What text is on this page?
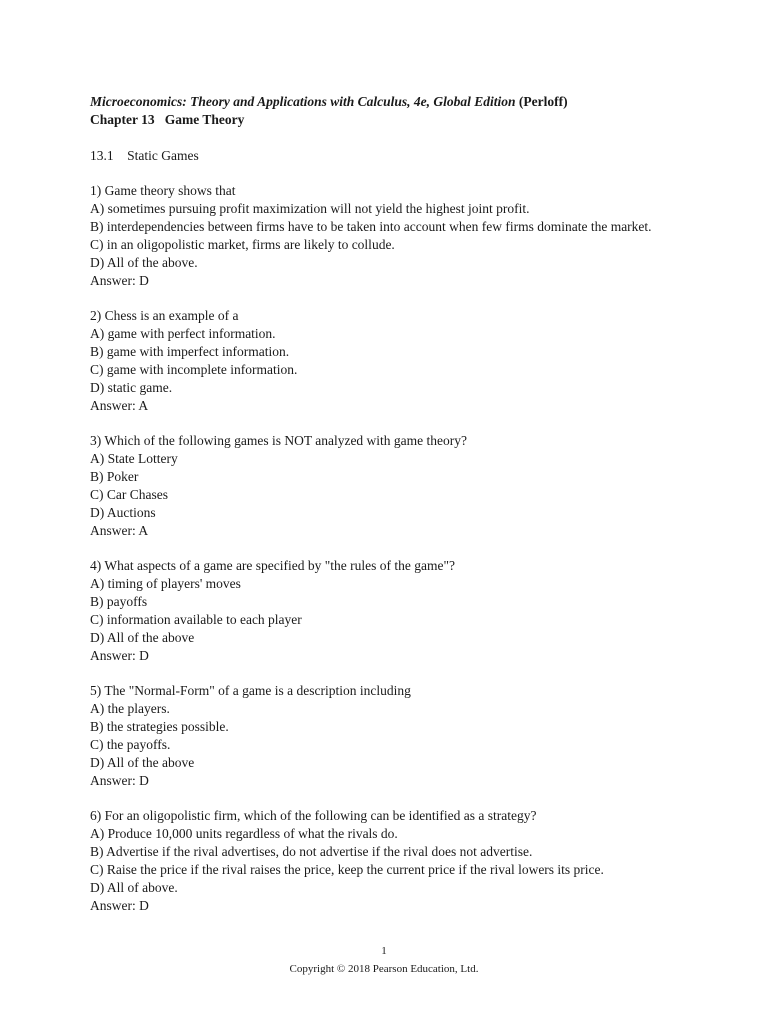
Microeconomics: Theory and Applications with Calculus, 4e, Global Edition (Perloff)
Chapter 13   Game Theory
13.1    Static Games
1) Game theory shows that
A) sometimes pursuing profit maximization will not yield the highest joint profit.
B) interdependencies between firms have to be taken into account when few firms dominate the market.
C) in an oligopolistic market, firms are likely to collude.
D) All of the above.
Answer: D
2) Chess is an example of a
A) game with perfect information.
B) game with imperfect information.
C) game with incomplete information.
D) static game.
Answer: A
3) Which of the following games is NOT analyzed with game theory?
A) State Lottery
B) Poker
C) Car Chases
D) Auctions
Answer: A
4) What aspects of a game are specified by "the rules of the game"?
A) timing of players' moves
B) payoffs
C) information available to each player
D) All of the above
Answer: D
5) The "Normal-Form" of a game is a description including
A) the players.
B) the strategies possible.
C) the payoffs.
D) All of the above
Answer: D
6) For an oligopolistic firm, which of the following can be identified as a strategy?
A) Produce 10,000 units regardless of what the rivals do.
B) Advertise if the rival advertises, do not advertise if the rival does not advertise.
C) Raise the price if the rival raises the price, keep the current price if the rival lowers its price.
D) All of above.
Answer: D
1
Copyright © 2018 Pearson Education, Ltd.
